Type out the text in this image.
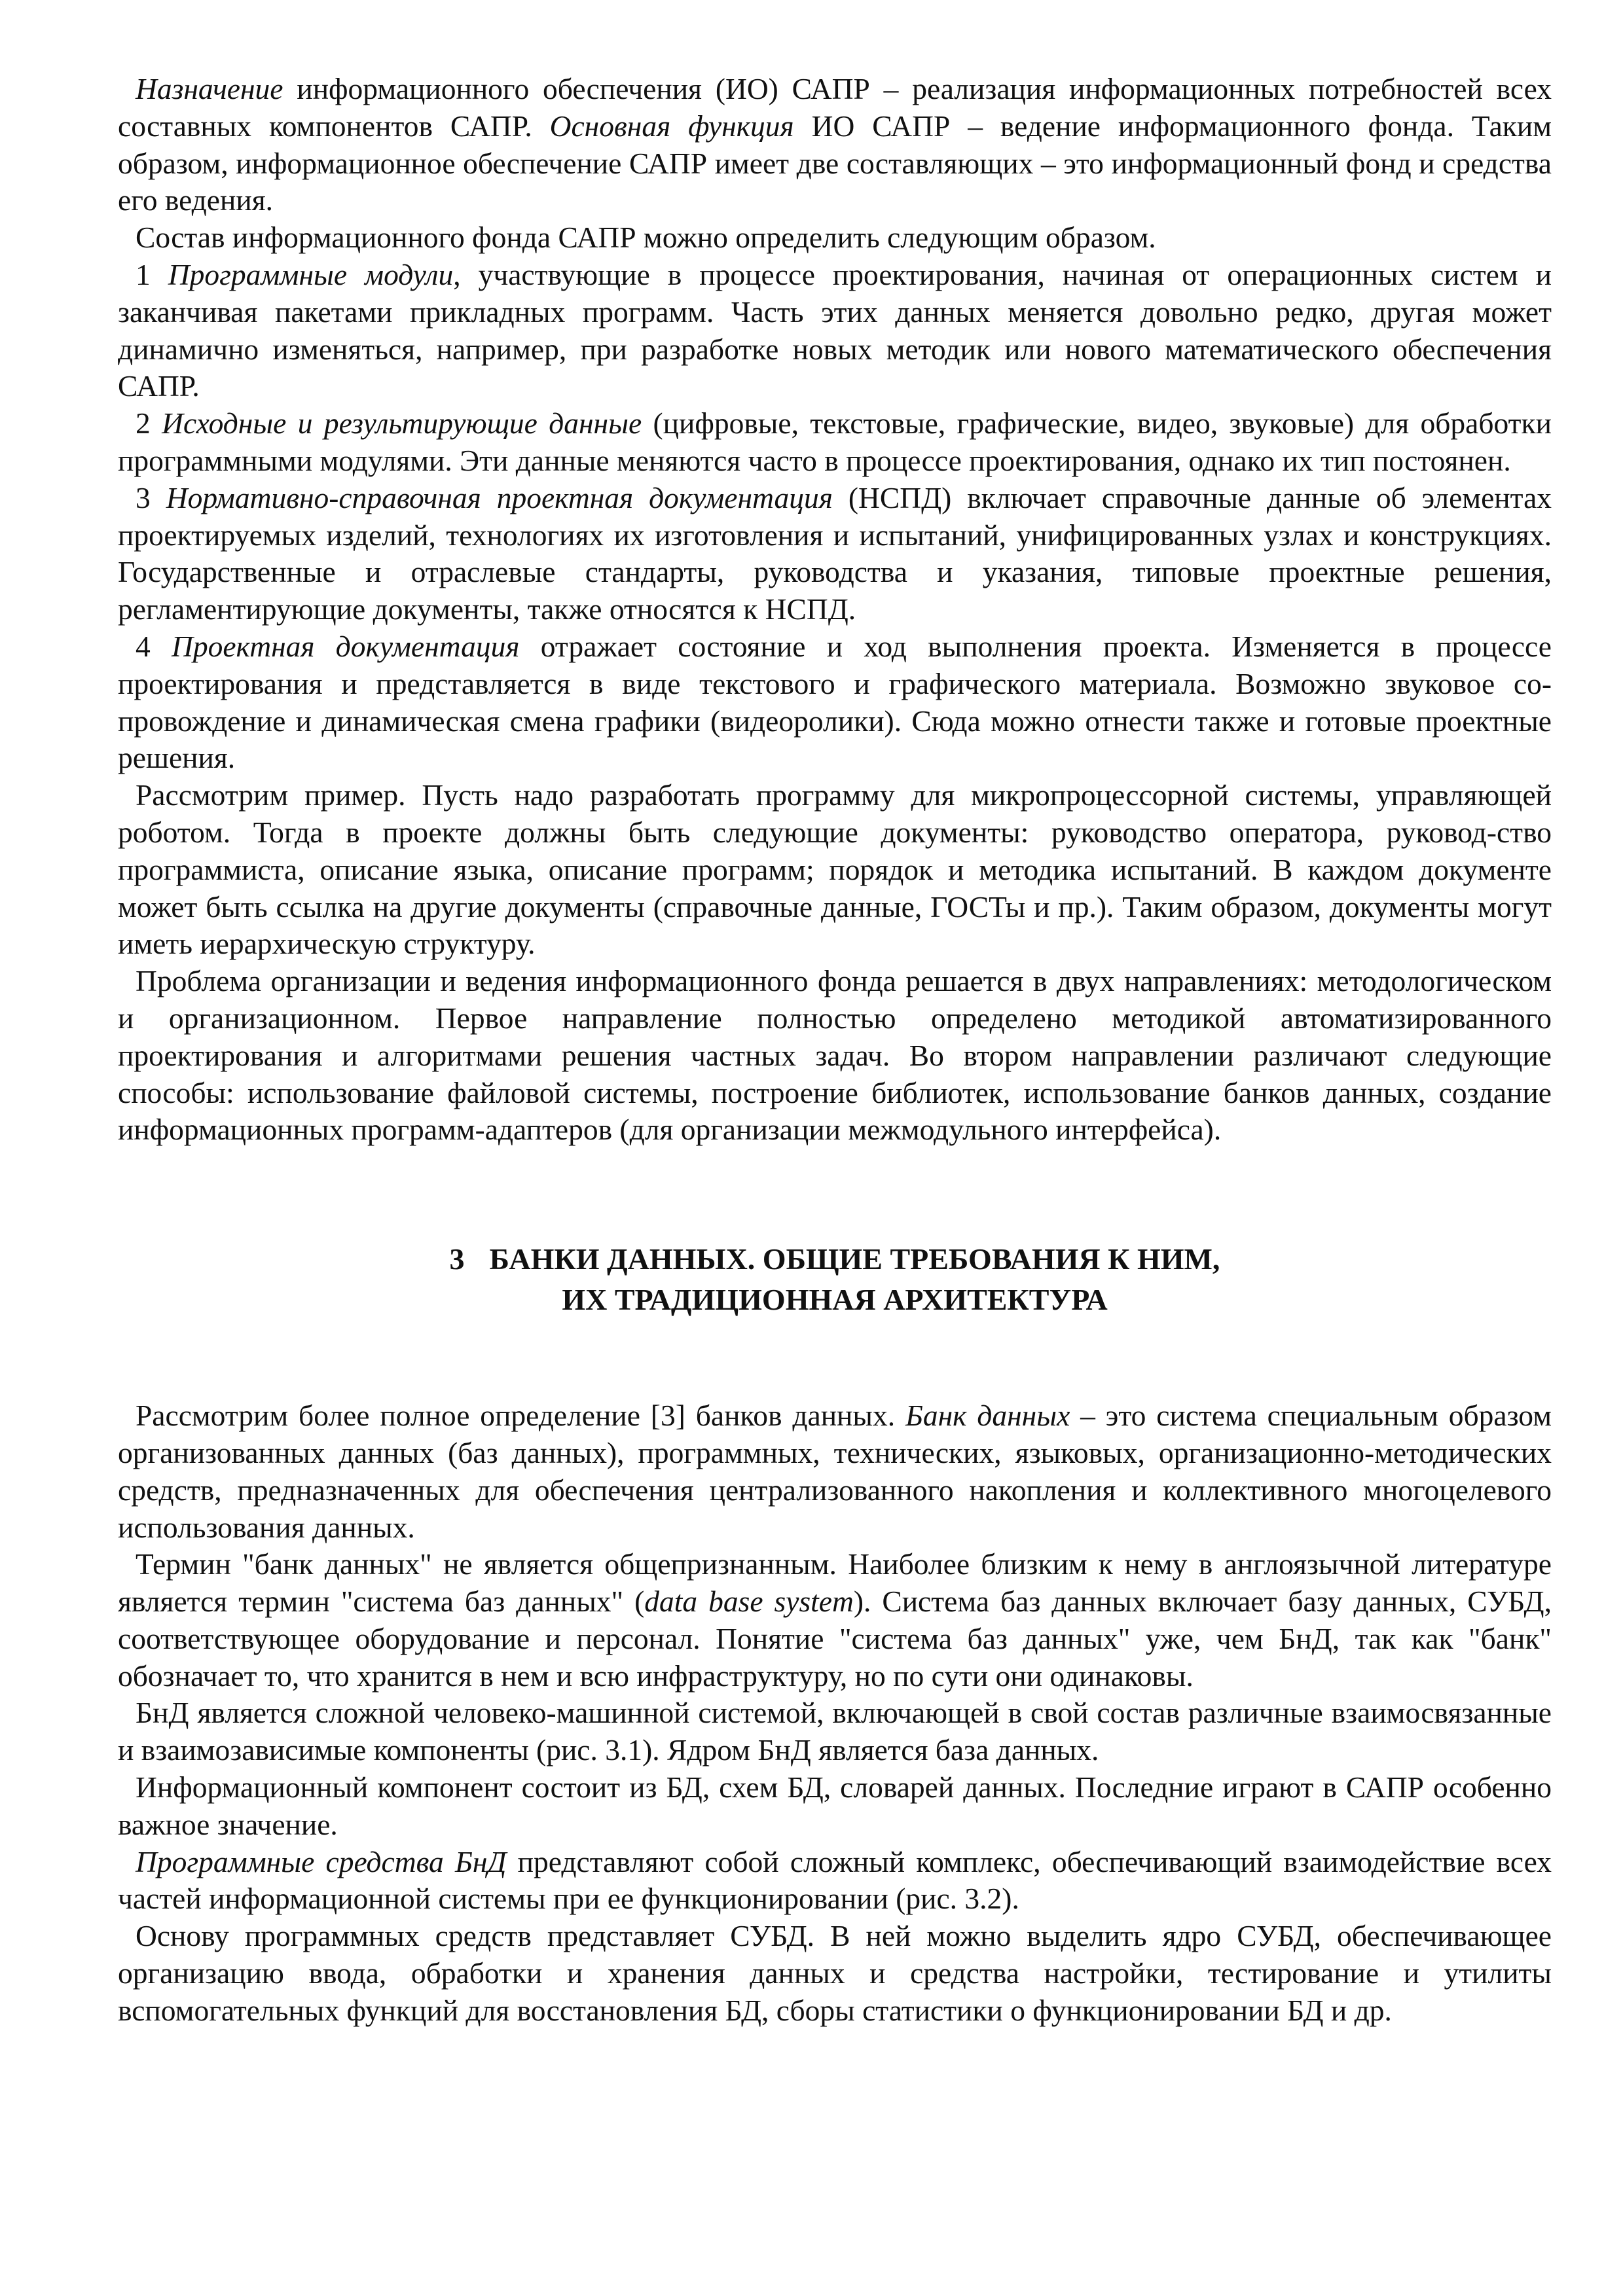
Назначение информационного обеспечения (ИО) САПР – реализация информационных потребностей всех составных компонентов САПР. Основная функция ИО САПР – ведение информационного фонда. Таким образом, информационное обеспечение САПР имеет две составляющих – это информационный фонд и средства его ведения.

Состав информационного фонда САПР можно определить следующим образом.

1 Программные модули, участвующие в процессе проектирования, начиная от операционных систем и заканчивая пакетами прикладных программ. Часть этих данных меняется довольно редко, другая может динамично изменяться, например, при разработке новых методик или нового математического обеспечения САПР.

2 Исходные и результирующие данные (цифровые, текстовые, графические, видео, звуковые) для обработки программными модулями. Эти данные меняются часто в процессе проектирования, однако их тип постоянен.

3 Нормативно-справочная проектная документация (НСПД) включает справочные данные об элементах проектируемых изделий, технологиях их изготовления и испытаний, унифицированных узлах и конструкциях. Государственные и отраслевые стандарты, руководства и указания, типовые проектные решения, регламентирующие документы, также относятся к НСПД.

4 Проектная документация отражает состояние и ход выполнения проекта. Изменяется в процессе проектирования и представляется в виде текстового и графического материала. Возможно звуковое сопровождение и динамическая смена графики (видеоролики). Сюда можно отнести также и готовые проектные решения.

Рассмотрим пример. Пусть надо разработать программу для микропроцессорной системы, управляющей роботом. Тогда в проекте должны быть следующие документы: руководство оператора, руковод-ство программиста, описание языка, описание программ; порядок и методика испытаний. В каждом документе может быть ссылка на другие документы (справочные данные, ГОСТы и пр.). Таким образом, документы могут иметь иерархическую структуру.

Проблема организации и ведения информационного фонда решается в двух направлениях: методологическом и организационном. Первое направление полностью определено методикой автоматизированного проектирования и алгоритмами решения частных задач. Во втором направлении различают следующие способы: использование файловой системы, построение библиотек, использование банков данных, создание информационных программ-адаптеров (для организации межмодульного интерфейса).

3 БАНКИ ДАННЫХ. ОБЩИЕ ТРЕБОВАНИЯ К НИМ,
ИХ ТРАДИЦИОННАЯ АРХИТЕКТУРА

Рассмотрим более полное определение [3] банков данных. Банк данных – это система специальным образом организованных данных (баз данных), программных, технических, языковых, организационно-методических средств, предназначенных для обеспечения централизованного накопления и коллективного многоцелевого использования данных.

Термин "банк данных" не является общепризнанным. Наиболее близким к нему в англоязычной литературе является термин "система баз данных" (data base system). Система баз данных включает базу данных, СУБД, соответствующее оборудование и персонал. Понятие "система баз данных" уже, чем БнД, так как "банк" обозначает то, что хранится в нем и всю инфраструктуру, но по сути они одинаковы.

БнД является сложной человеко-машинной системой, включающей в свой состав различные взаимосвязанные и взаимозависимые компоненты (рис. 3.1). Ядром БнД является база данных.

Информационный компонент состоит из БД, схем БД, словарей данных. Последние играют в САПР особенно важное значение.

Программные средства БнД представляют собой сложный комплекс, обеспечивающий взаимодействие всех частей информационной системы при ее функционировании (рис. 3.2).

Основу программных средств представляет СУБД. В ней можно выделить ядро СУБД, обеспечивающее организацию ввода, обработки и хранения данных и средства настройки, тестирование и утилиты вспомогательных функций для восстановления БД, сборы статистики о функционировании БД и др.
